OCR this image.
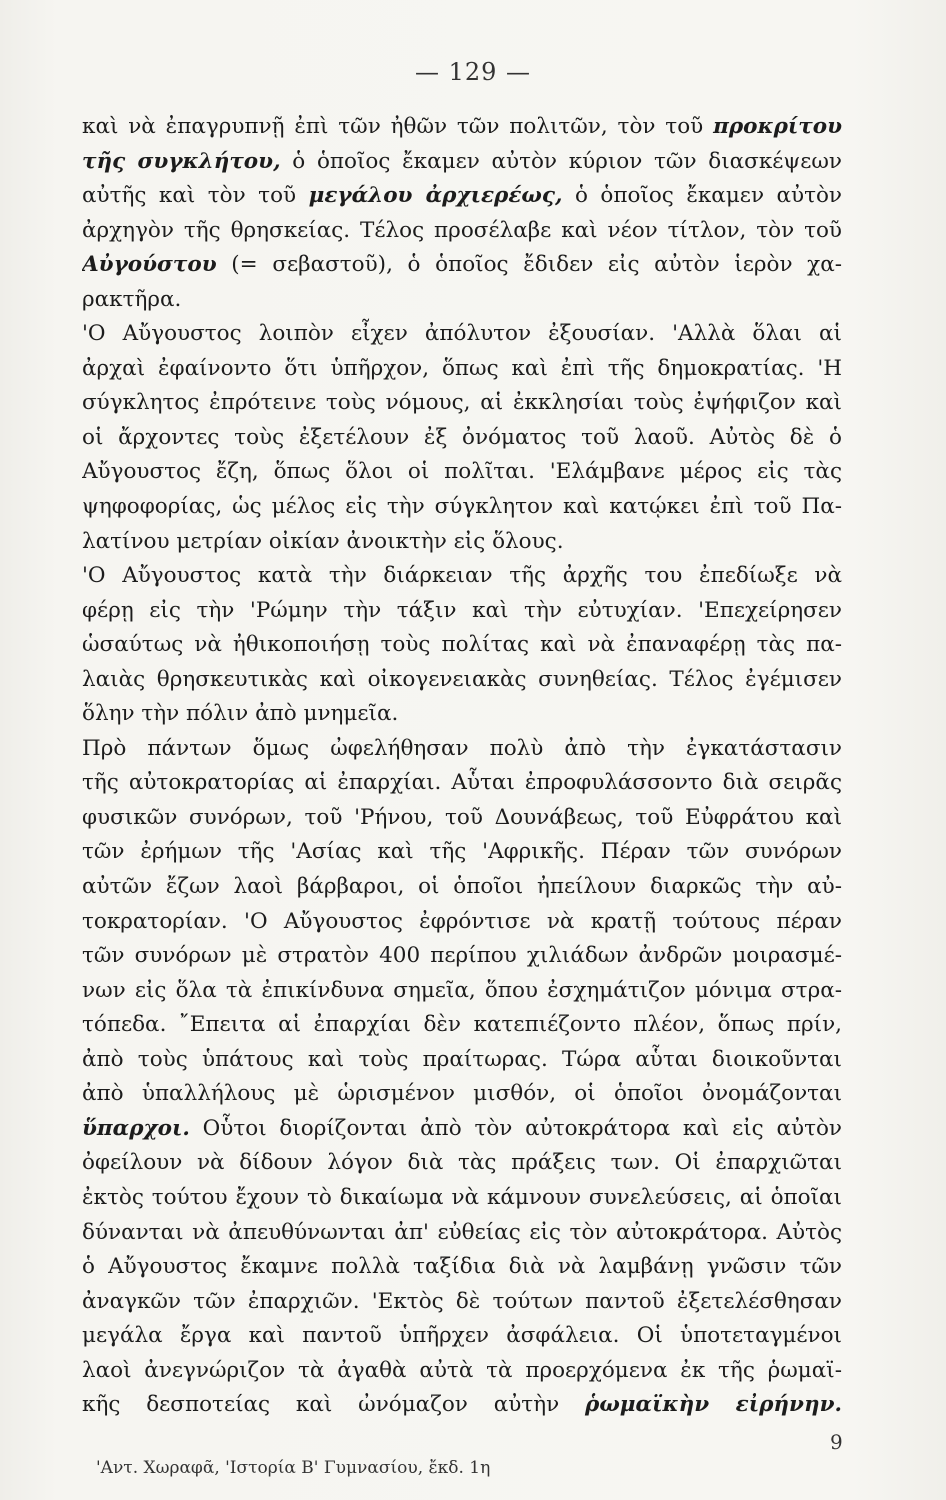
— 129 —
καὶ νὰ ἐπαγρυπνῇ ἐπὶ τῶν ἠθῶν τῶν πολιτῶν, τὸν τοῦ προκρίτου
τῆς συγκλήτου, ὁ ὁποῖος ἔκαμεν αὐτὸν κύριον τῶν διασκέψεων
αὐτῆς καὶ τὸν τοῦ μεγάλου ἀρχιερέως, ὁ ὁποῖος ἔκαμεν αὐτὸν
ἀρχηγὸν τῆς θρησκείας. Τέλος προσέλαβε καὶ νέον τίτλον, τὸν τοῦ
Αὐγούστου (= σεβαστοῦ), ὁ ὁποῖος ἔδιδεν εἰς αὐτὸν ἱερὸν χα-
ρακτῆρα.
'Ο Αὔγουστος λοιπὸν εἶχεν ἀπόλυτον ἐξουσίαν. 'Αλλὰ ὅλαι αἱ
ἀρχαὶ ἐφαίνοντο ὅτι ὑπῆρχον, ὅπως καὶ ἐπὶ τῆς δημοκρατίας. 'Η
σύγκλητος ἐπρότεινε τοὺς νόμους, αἱ ἐκκλησίαι τοὺς ἐψήφιζον καὶ
οἱ ἄρχοντες τοὺς ἐξετέλουν ἐξ ὀνόματος τοῦ λαοῦ. Αὐτὸς δὲ ὁ
Αὔγουστος ἔζη, ὅπως ὅλοι οἱ πολῖται. 'Ελάμβανε μέρος εἰς τὰς
ψηφοφορίας, ὡς μέλος εἰς τὴν σύγκλητον καὶ κατῴκει ἐπὶ τοῦ Πα-
λατίνου μετρίαν οἰκίαν ἀνοικτὴν εἰς ὅλους.
'Ο Αὔγουστος κατὰ τὴν διάρκειαν τῆς ἀρχῆς του ἐπεδίωξε νὰ
φέρῃ εἰς τὴν 'Ρώμην τὴν τάξιν καὶ τὴν εὐτυχίαν. 'Επεχείρησεν
ὡσαύτως νὰ ἠθικοποιήσῃ τοὺς πολίτας καὶ νὰ ἐπαναφέρῃ τὰς πα-
λαιὰς θρησκευτικὰς καὶ οἰκογενειακὰς συνηθείας. Τέλος ἐγέμισεν
ὅλην τὴν πόλιν ἀπὸ μνημεῖα.
Πρὸ πάντων ὅμως ὠφελήθησαν πολὺ ἀπὸ τὴν ἐγκατάστασιν
τῆς αὐτοκρατορίας αἱ ἐπαρχίαι. Αὗται ἐπροφυλάσσοντο διὰ σειρᾶς
φυσικῶν συνόρων, τοῦ 'Ρήνου, τοῦ Δουνάβεως, τοῦ Εὐφράτου καὶ
τῶν ἐρήμων τῆς 'Ασίας καὶ τῆς 'Αφρικῆς. Πέραν τῶν συνόρων
αὐτῶν ἔζων λαοὶ βάρβαροι, οἱ ὁποῖοι ἠπείλουν διαρκῶς τὴν αὐ-
τοκρατορίαν. 'Ο Αὔγουστος ἐφρόντισε νὰ κρατῇ τούτους πέραν
τῶν συνόρων μὲ στρατὸν 400 περίπου χιλιάδων ἀνδρῶν μοιρασμέ-
νων εἰς ὅλα τὰ ἐπικίνδυνα σημεῖα, ὅπου ἐσχημάτιζον μόνιμα στρα-
τόπεδα. ῎Επειτα αἱ ἐπαρχίαι δὲν κατεπιέζοντο πλέον, ὅπως πρίν,
ἀπὸ τοὺς ὑπάτους καὶ τοὺς πραίτωρας. Τώρα αὗται διοικοῦνται
ἀπὸ ὑπαλλήλους μὲ ὡρισμένον μισθόν, οἱ ὁποῖοι ὀνομάζονται
ὕπαρχοι. Οὗτοι διορίζονται ἀπὸ τὸν αὐτοκράτορα καὶ εἰς αὐτὸν
ὀφείλουν νὰ δίδουν λόγον διὰ τὰς πράξεις των. Οἱ ἐπαρχιῶται
ἐκτὸς τούτου ἔχουν τὸ δικαίωμα νὰ κάμνουν συνελεύσεις, αἱ ὁποῖαι
δύνανται νὰ ἀπευθύνωνται ἀπ' εὐθείας εἰς τὸν αὐτοκράτορα. Αὐτὸς
ὁ Αὔγουστος ἔκαμνε πολλὰ ταξίδια διὰ νὰ λαμβάνῃ γνῶσιν τῶν
ἀναγκῶν τῶν ἐπαρχιῶν. 'Εκτὸς δὲ τούτων παντοῦ ἐξετελέσθησαν
μεγάλα ἔργα καὶ παντοῦ ὑπῆρχεν ἀσφάλεια. Οἱ ὑποτεταγμένοι
λαοὶ ἀνεγνώριζον τὰ ἀγαθὰ αὐτὰ τὰ προερχόμενα ἐκ τῆς ῥωμαϊ-
κῆς δεσποτείας καὶ ὠνόμαζον αὐτὴν ῥωμαϊκὴν εἰρήνην.
9
'Αντ. Χωραφᾶ, 'Ιστορία Β' Γυμνασίου, ἔκδ. 1η
